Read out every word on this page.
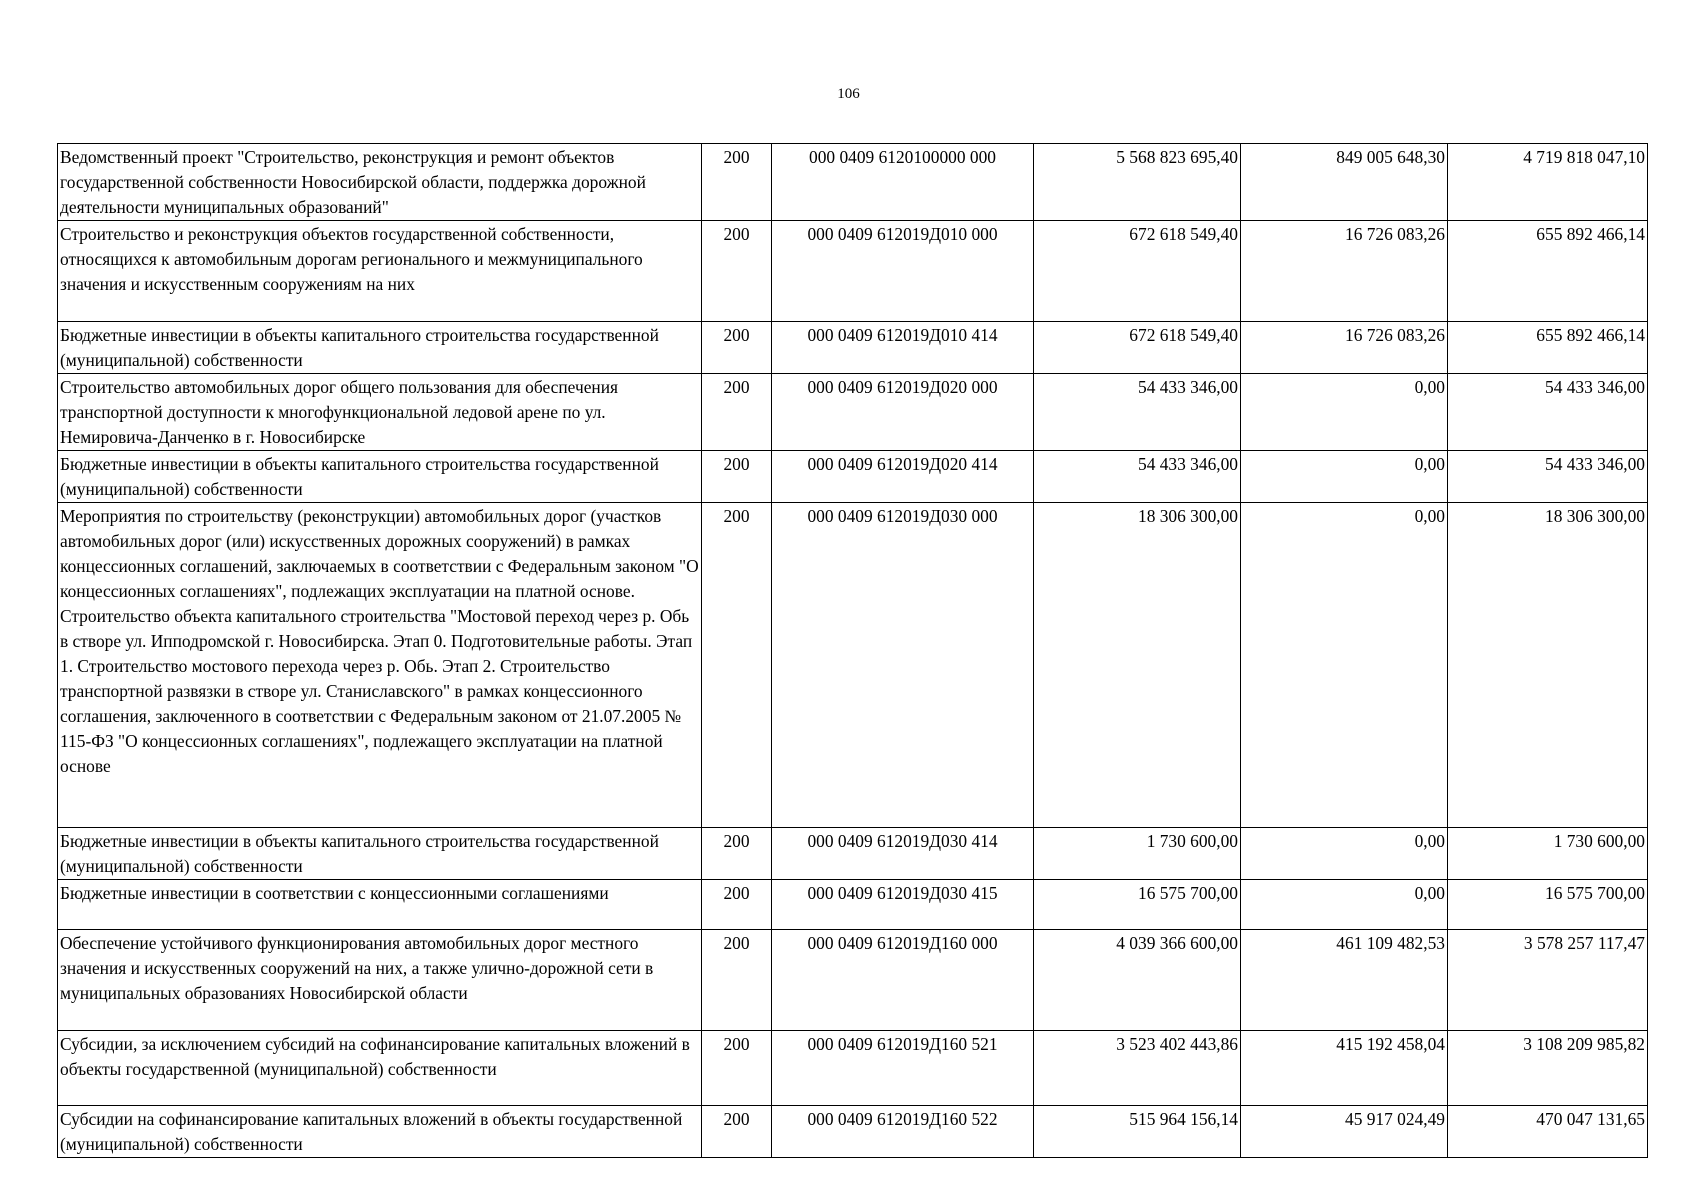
106
Ведомственный проект "Строительство, реконструкция и ремонт объектов государственной собственности Новосибирской области, поддержка дорожной деятельности муниципальных образований"	200	000 0409 6120100000 000	5 568 823 695,40	849 005 648,30	4 719 818 047,10
Строительство и реконструкция объектов государственной собственности, относящихся к автомобильным дорогам регионального и межмуниципального значения и искусственным сооружениям на них	200	000 0409 612019Д010 000	672 618 549,40	16 726 083,26	655 892 466,14
Бюджетные инвестиции в объекты капитального строительства государственной (муниципальной) собственности	200	000 0409 612019Д010 414	672 618 549,40	16 726 083,26	655 892 466,14
Строительство автомобильных дорог общего пользования для обеспечения транспортной доступности к многофункциональной ледовой арене по ул. Немировича-Данченко в г. Новосибирске	200	000 0409 612019Д020 000	54 433 346,00	0,00	54 433 346,00
Бюджетные инвестиции в объекты капитального строительства государственной (муниципальной) собственности	200	000 0409 612019Д020 414	54 433 346,00	0,00	54 433 346,00
Мероприятия по строительству (реконструкции) автомобильных дорог (участков автомобильных дорог (или) искусственных дорожных сооружений) в рамках концессионных соглашений, заключаемых в соответствии с Федеральным законом "О концессионных соглашениях", подлежащих эксплуатации на платной основе. Строительство объекта капитального строительства "Мостовой переход через р. Обь в створе ул. Ипподромской г. Новосибирска. Этап 0. Подготовительные работы. Этап 1. Строительство мостового перехода через р. Обь. Этап 2. Строительство транспортной развязки в створе ул. Станиславского" в рамках концессионного соглашения, заключенного в соответствии с Федеральным законом от 21.07.2005 № 115-ФЗ "О концессионных соглашениях", подлежащего эксплуатации на платной основе	200	000 0409 612019Д030 000	18 306 300,00	0,00	18 306 300,00
Бюджетные инвестиции в объекты капитального строительства государственной (муниципальной) собственности	200	000 0409 612019Д030 414	1 730 600,00	0,00	1 730 600,00
Бюджетные инвестиции в соответствии с концессионными соглашениями	200	000 0409 612019Д030 415	16 575 700,00	0,00	16 575 700,00
Обеспечение устойчивого функционирования автомобильных дорог местного значения и искусственных сооружений на них, а также улично-дорожной сети в муниципальных образованиях Новосибирской области	200	000 0409 612019Д160 000	4 039 366 600,00	461 109 482,53	3 578 257 117,47
Субсидии, за исключением субсидий на софинансирование капитальных вложений в объекты государственной (муниципальной) собственности	200	000 0409 612019Д160 521	3 523 402 443,86	415 192 458,04	3 108 209 985,82
Субсидии на софинансирование капитальных вложений в объекты государственной (муниципальной) собственности	200	000 0409 612019Д160 522	515 964 156,14	45 917 024,49	470 047 131,65
